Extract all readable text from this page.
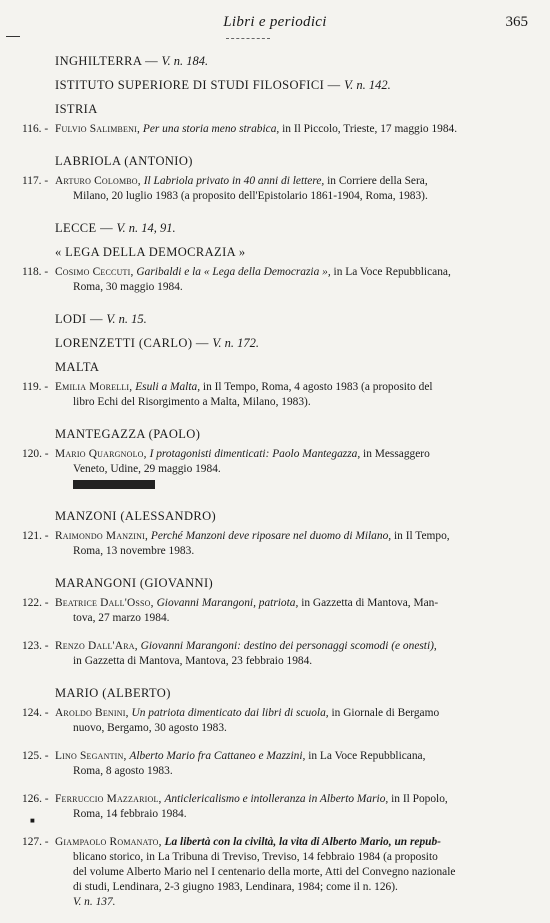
Libri e periodici	365
INGHILTERRA — V. n. 184.
ISTITUTO SUPERIORE DI STUDI FILOSOFICI — V. n. 142.
ISTRIA
116. - Fulvio Salimbeni, Per una storia meno strabica, in Il Piccolo, Trieste, 17 maggio 1984.
LABRIOLA (ANTONIO)
117. - Arturo Colombo, Il Labriola privato in 40 anni di lettere, in Corriere della Sera,
Milano, 20 luglio 1983 (a proposito dell'Epistolario 1861-1904, Roma, 1983).
LECCE — V. n. 14, 91.
« LEGA DELLA DEMOCRAZIA »
118. - Cosimo Ceccuti, Garibaldi e la « Lega della Democrazia », in La Voce Repubblicana,
Roma, 30 maggio 1984.
LODI — V. n. 15.
LORENZETTI (CARLO) — V. n. 172.
MALTA
119. - Emilia Morelli, Esuli a Malta, in Il Tempo, Roma, 4 agosto 1983 (a proposito del
libro Echi del Risorgimento a Malta, Milano, 1983).
MANTEGAZZA (PAOLO)
120. - Mario Quargnolo, I protagonisti dimenticati: Paolo Mantegazza, in Messaggero
Veneto, Udine, 29 maggio 1984.
MANZONI (ALESSANDRO)
121. - Raimondo Manzini, Perché Manzoni deve riposare nel duomo di Milano, in Il Tempo,
Roma, 13 novembre 1983.
MARANGONI (GIOVANNI)
122. - Beatrice Dall'Osso, Giovanni Marangoni, patriota, in Gazzetta di Mantova, Man-
tova, 27 marzo 1984.
123. - Renzo Dall'Ara, Giovanni Marangoni: destino dei personaggi scomodi (e onesti),
in Gazzetta di Mantova, Mantova, 23 febbraio 1984.
MARIO (ALBERTO)
124. - Aroldo Benini, Un patriota dimenticato dai libri di scuola, in Giornale di Bergamo
nuovo, Bergamo, 30 agosto 1983.
125. - Lino Segantin, Alberto Mario fra Cattaneo e Mazzini, in La Voce Repubblicana,
Roma, 8 agosto 1983.
126. -
■
Ferruccio Mazzariol, Anticlericalismo e intolleranza in Alberto Mario, in Il Popolo,
Roma, 14 febbraio 1984.
127. - Giampaolo Romanato, La libertà con la civiltà, la vita di Alberto Mario, un repub-
blicano storico, in La Tribuna di Treviso, Treviso, 14 febbraio 1984 (a proposito
del volume Alberto Mario nel I centenario della morte, Atti del Convegno nazionale
di studi, Lendinara, 2-3 giugno 1983, Lendinara, 1984; come il n. 126).
V. n. 137.
